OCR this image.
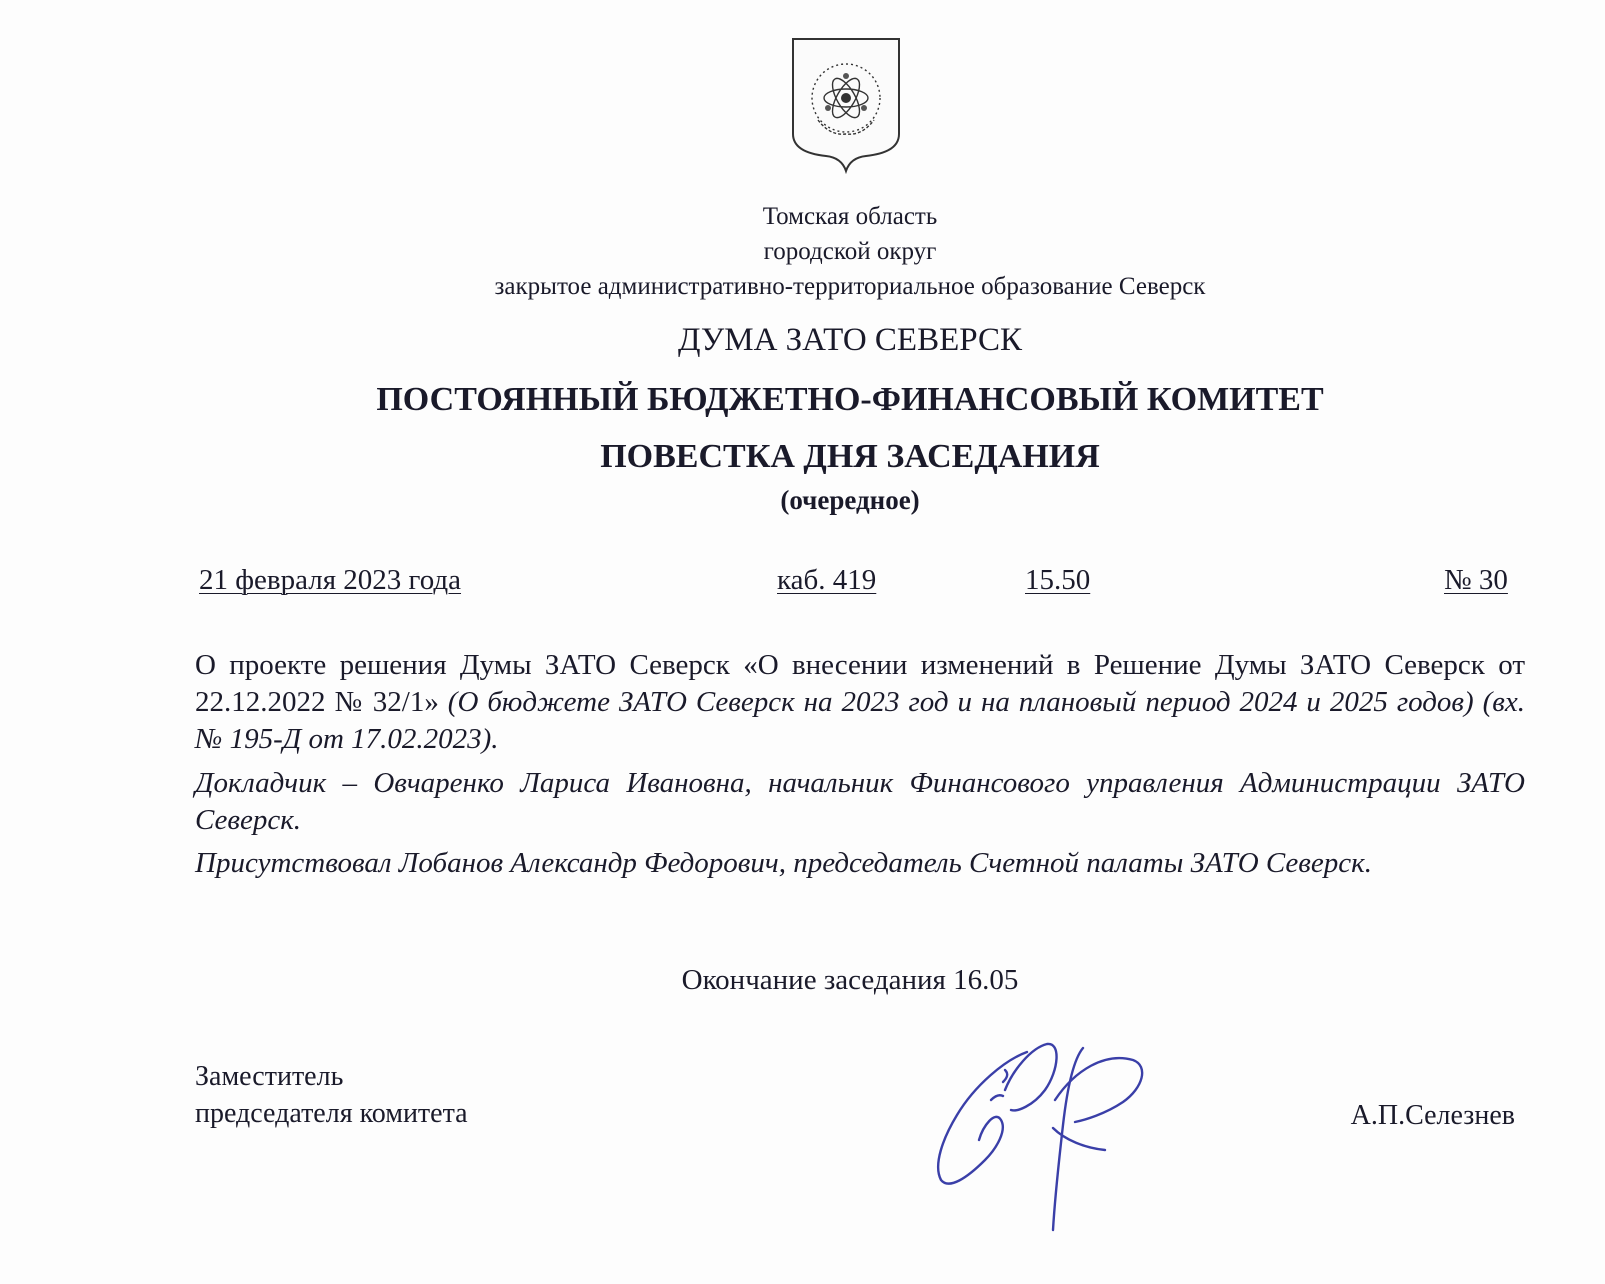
Томская область
городской округ
закрытое административно-территориальное образование Северск
ДУМА ЗАТО СЕВЕРСК
ПОСТОЯННЫЙ БЮДЖЕТНО-ФИНАНСОВЫЙ КОМИТЕТ
ПОВЕСТКА ДНЯ ЗАСЕДАНИЯ
(очередное)
21 февраля 2023 года	каб. 419	15.50	№ 30
О проекте решения Думы ЗАТО Северск «О внесении изменений в Решение Думы ЗАТО Северск от 22.12.2022 № 32/1» (О бюджете ЗАТО Северск на 2023 год и на плановый период 2024 и 2025 годов) (вх. № 195-Д от 17.02.2023).
Докладчик – Овчаренко Лариса Ивановна, начальник Финансового управления Администрации ЗАТО Северск.
Присутствовал Лобанов Александр Федорович, председатель Счетной палаты ЗАТО Северск.
Окончание заседания 16.05
Заместитель
председателя комитета	А.П.Селезнев
